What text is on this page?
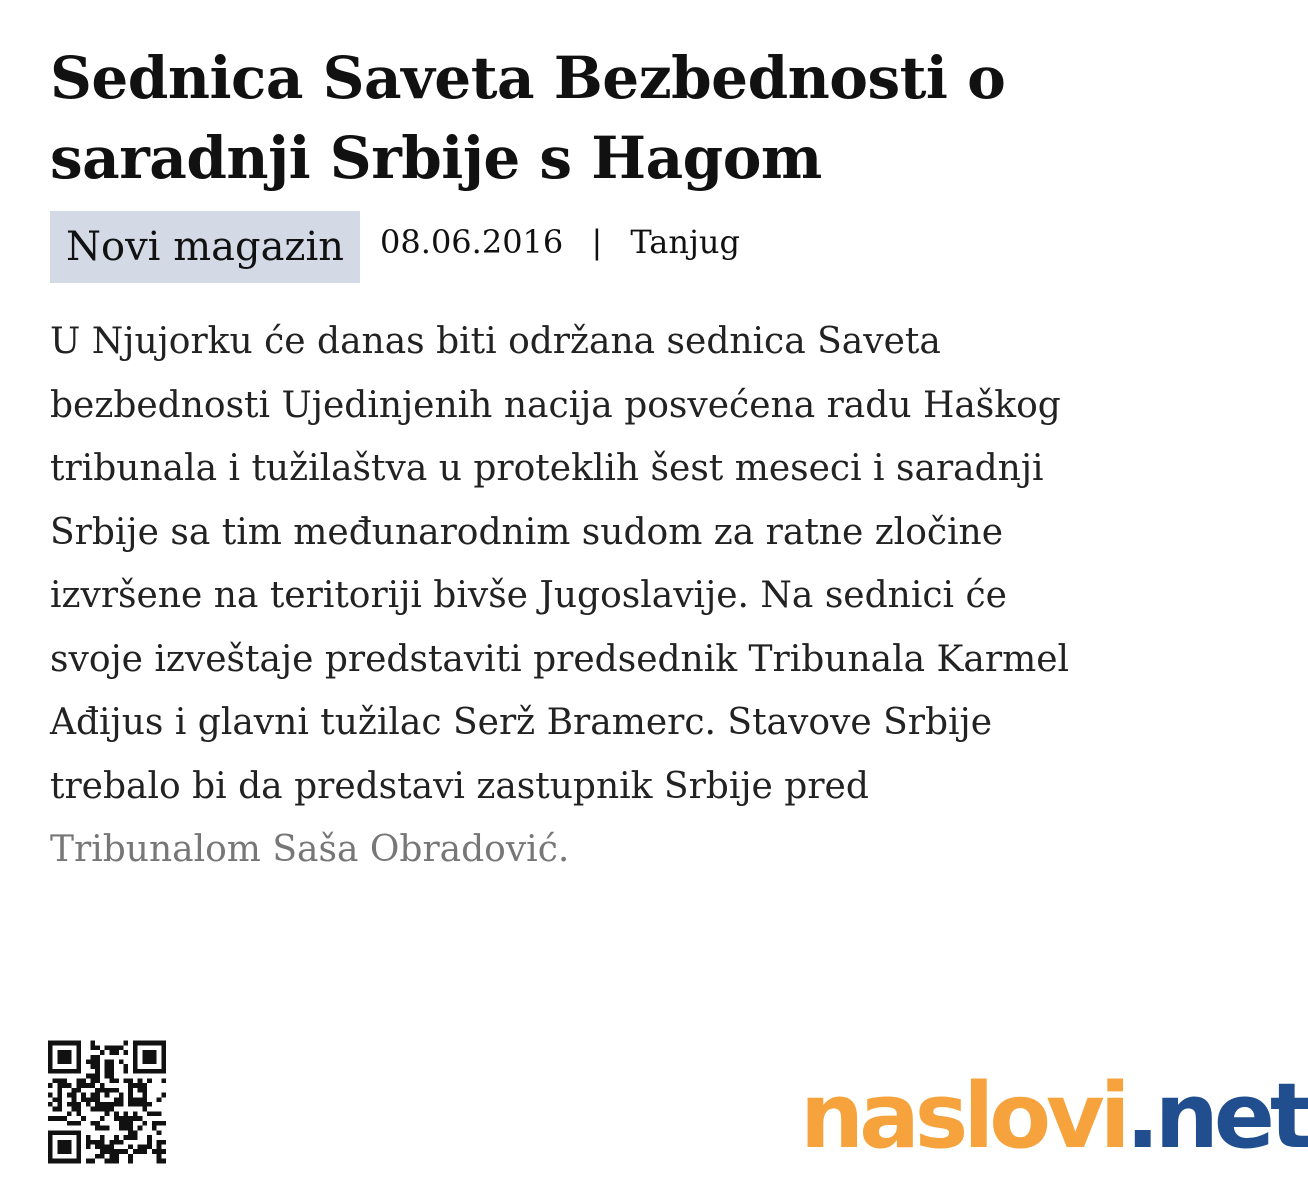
Sednica Saveta Bezbednosti o saradnji Srbije s Hagom
Novi magazin	08.06.2016 | Tanjug

U Njujorku će danas biti održana sednica Saveta
bezbednosti Ujedinjenih nacija posvećena radu Haškog
tribunala i tužilaštva u proteklih šest meseci i saradnji
Srbije sa tim međunarodnim sudom za ratne zločine
izvršene na teritoriji bivše Jugoslavije. Na sednici će
svoje izveštaje predstaviti predsednik Tribunala Karmel
Ađijus i glavni tužilac Serž Bramerc. Stavove Srbije
trebalo bi da predstavi zastupnik Srbije pred
Tribunalom Saša Obradović.

naslovi.net
